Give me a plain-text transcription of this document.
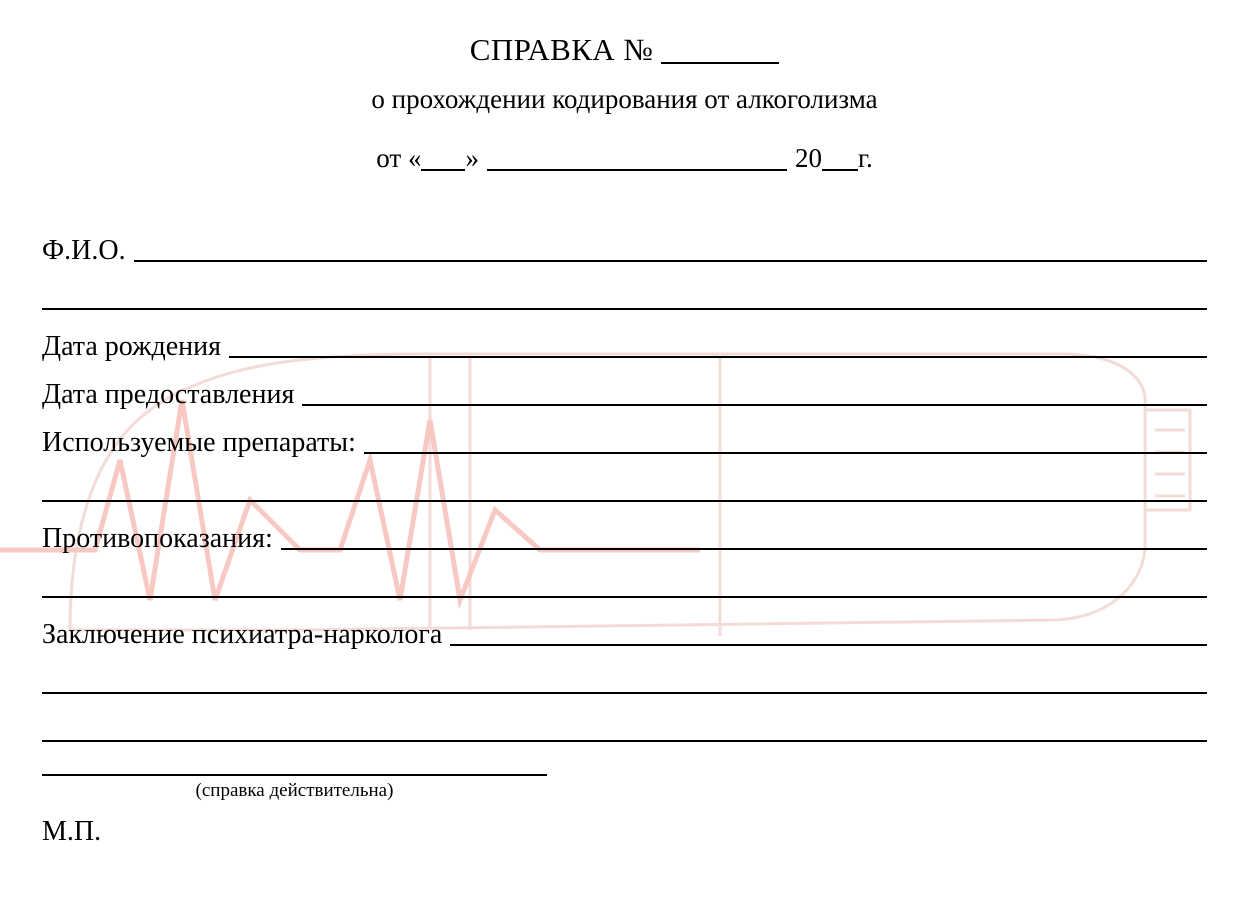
СПРАВКА №
о прохождении кодирования от алкоголизма
от « »	20 г.
Ф.И.О.
Дата рождения
Дата предоставления
Используемые препараты:
Противопоказания:
Заключение психиатра-нарколога
(справка действительна)
М.П.
